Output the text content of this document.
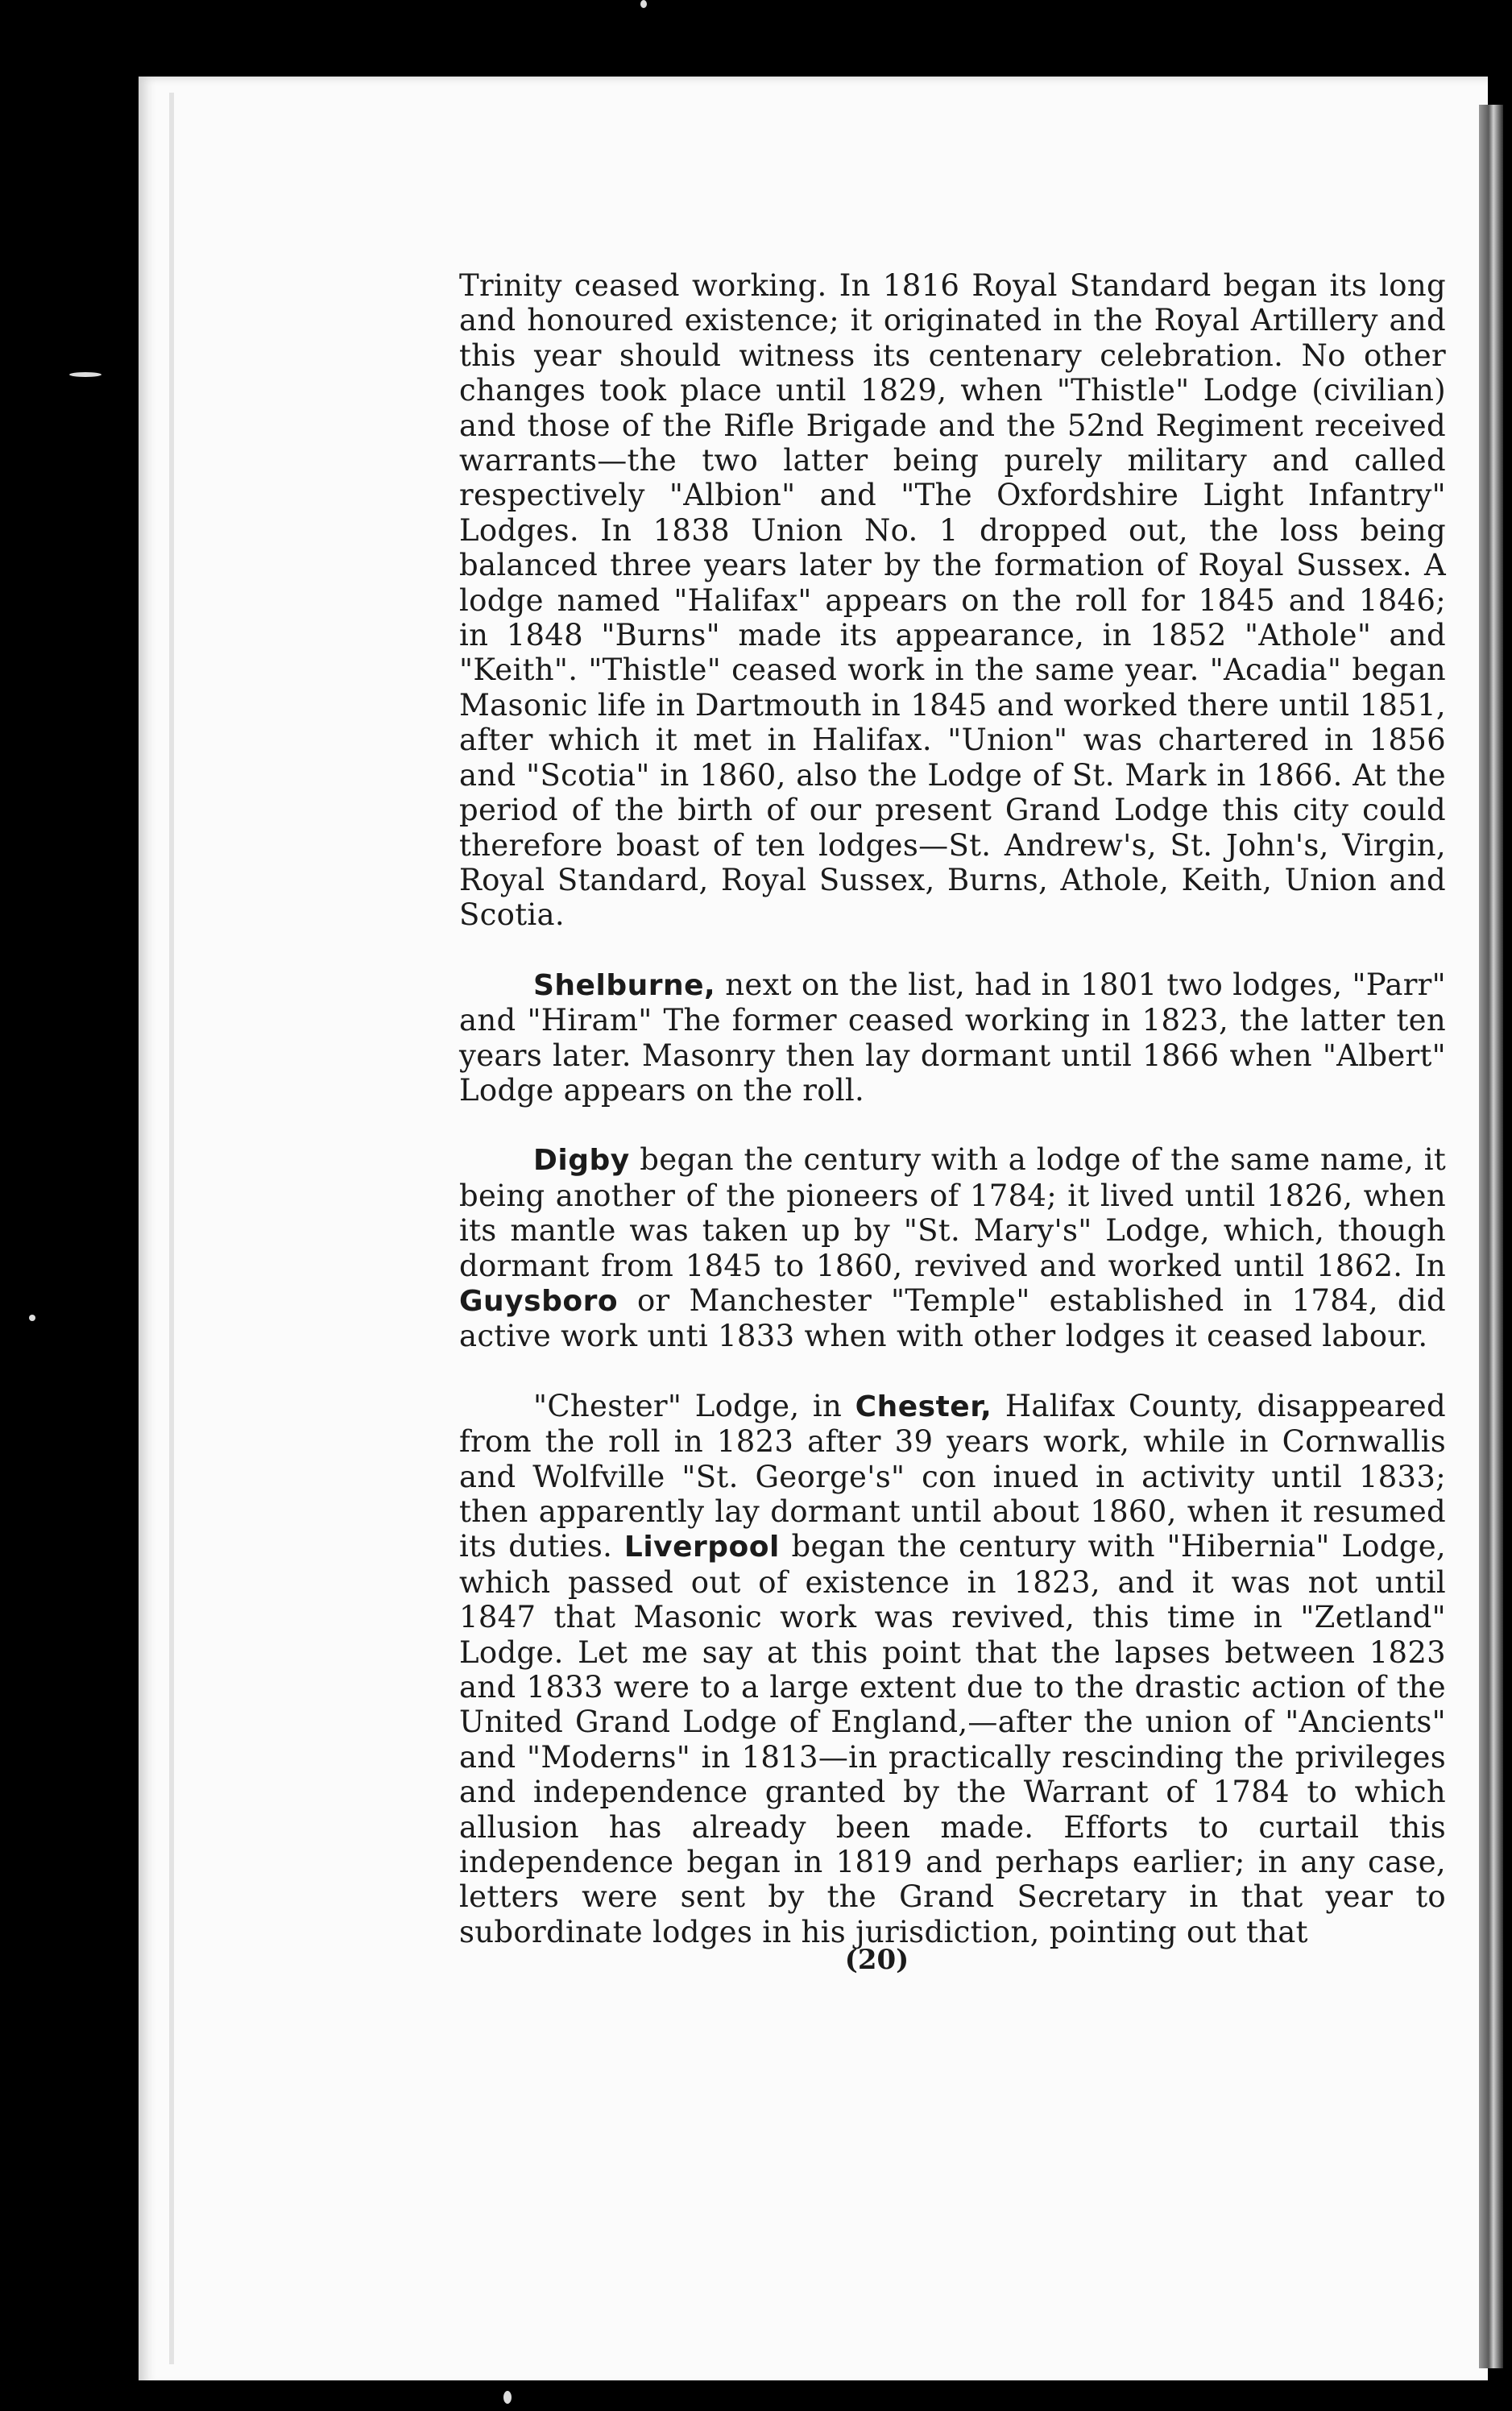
Trinity ceased working. In 1816 Royal Standard began its long and honoured existence; it originated in the Royal Artillery and this year should witness its centenary celebration. No other changes took place until 1829, when "Thistle" Lodge (civilian) and those of the Rifle Brigade and the 52nd Regiment received warrants—the two latter being purely military and called respectively "Albion" and "The Oxfordshire Light Infantry" Lodges. In 1838 Union No. 1 dropped out, the loss being balanced three years later by the formation of Royal Sussex. A lodge named "Halifax" appears on the roll for 1845 and 1846; in 1848 "Burns" made its appearance, in 1852 "Athole" and "Keith". "Thistle" ceased work in the same year. "Acadia" began Masonic life in Dartmouth in 1845 and worked there until 1851, after which it met in Halifax. "Union" was chartered in 1856 and "Scotia" in 1860, also the Lodge of St. Mark in 1866. At the period of the birth of our present Grand Lodge this city could therefore boast of ten lodges—St. Andrew's, St. John's, Virgin, Royal Standard, Royal Sussex, Burns, Athole, Keith, Union and Scotia.

Shelburne, next on the list, had in 1801 two lodges, "Parr" and "Hiram" The former ceased working in 1823, the latter ten years later. Masonry then lay dormant until 1866 when "Albert" Lodge appears on the roll.

Digby began the century with a lodge of the same name, it being another of the pioneers of 1784; it lived until 1826, when its mantle was taken up by "St. Mary's" Lodge, which, though dormant from 1845 to 1860, revived and worked until 1862. In Guysboro or Manchester "Temple" established in 1784, did active work unti 1833 when with other lodges it ceased labour.

"Chester" Lodge, in Chester, Halifax County, disappeared from the roll in 1823 after 39 years work, while in Cornwallis and Wolfville "St. George's" con inued in activity until 1833; then apparently lay dormant until about 1860, when it resumed its duties. Liverpool began the century with "Hibernia" Lodge, which passed out of existence in 1823, and it was not until 1847 that Masonic work was revived, this time in "Zetland" Lodge. Let me say at this point that the lapses between 1823 and 1833 were to a large extent due to the drastic action of the United Grand Lodge of England,—after the union of "Ancients" and "Moderns" in 1813—in practically rescinding the privileges and independence granted by the Warrant of 1784 to which allusion has already been made. Efforts to curtail this independence began in 1819 and perhaps earlier; in any case, letters were sent by the Grand Secretary in that year to subordinate lodges in his jurisdiction, pointing out that

(20)
